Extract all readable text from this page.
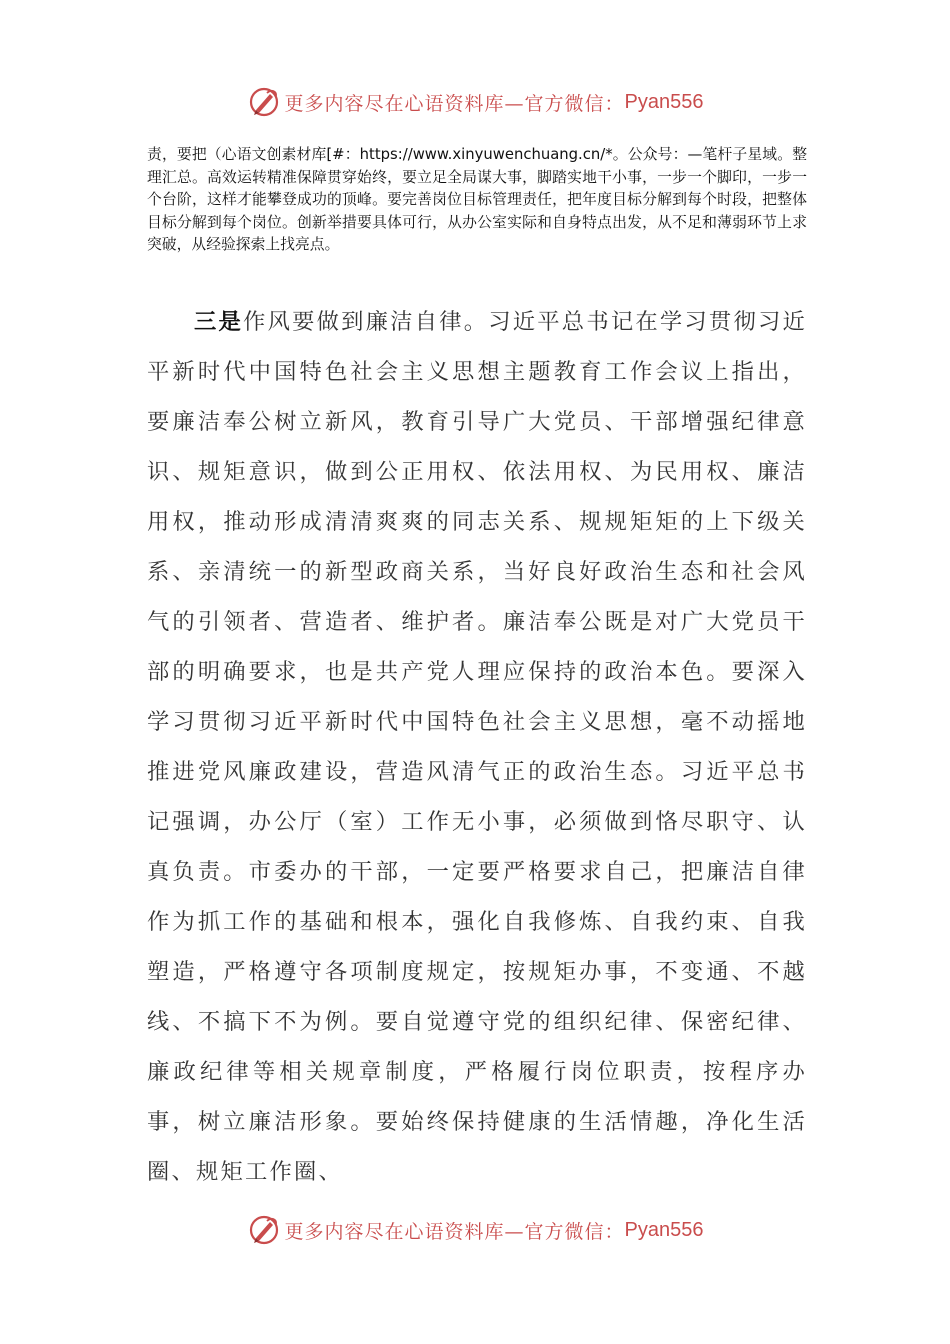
更多内容尽在心语资料库—官方微信： Pyan556

责，要把（心语文创素材库[#：https://www.xinyuwenchuang.cn/*。公众号：—笔杆子星域。整理汇总。高效运转精准保障贯穿始终，要立足全局谋大事，脚踏实地干小事，一步一个脚印，一步一个台阶，这样才能攀登成功的顶峰。要完善岗位目标管理责任，把年度目标分解到每个时段，把整体目标分解到每个岗位。创新举措要具体可行，从办公室实际和自身特点出发，从不足和薄弱环节上求突破，从经验探索上找亮点。

三是作风要做到廉洁自律。习近平总书记在学习贯彻习近平新时代中国特色社会主义思想主题教育工作会议上指出，要廉洁奉公树立新风，教育引导广大党员、干部增强纪律意识、规矩意识，做到公正用权、依法用权、为民用权、廉洁用权，推动形成清清爽爽的同志关系、规规矩矩的上下级关系、亲清统一的新型政商关系，当好良好政治生态和社会风气的引领者、营造者、维护者。廉洁奉公既是对广大党员干部的明确要求，也是共产党人理应保持的政治本色。要深入学习贯彻习近平新时代中国特色社会主义思想，毫不动摇地推进党风廉政建设，营造风清气正的政治生态。习近平总书记强调，办公厅（室）工作无小事，必须做到恪尽职守、认真负责。市委办的干部，一定要严格要求自己，把廉洁自律作为抓工作的基础和根本，强化自我修炼、自我约束、自我塑造，严格遵守各项制度规定，按规矩办事，不变通、不越线、不搞下不为例。要自觉遵守党的组织纪律、保密纪律、廉政纪律等相关规章制度，严格履行岗位职责，按程序办事，树立廉洁形象。要始终保持健康的生活情趣，净化生活圈、规矩工作圈、

更多内容尽在心语资料库—官方微信： Pyan556
